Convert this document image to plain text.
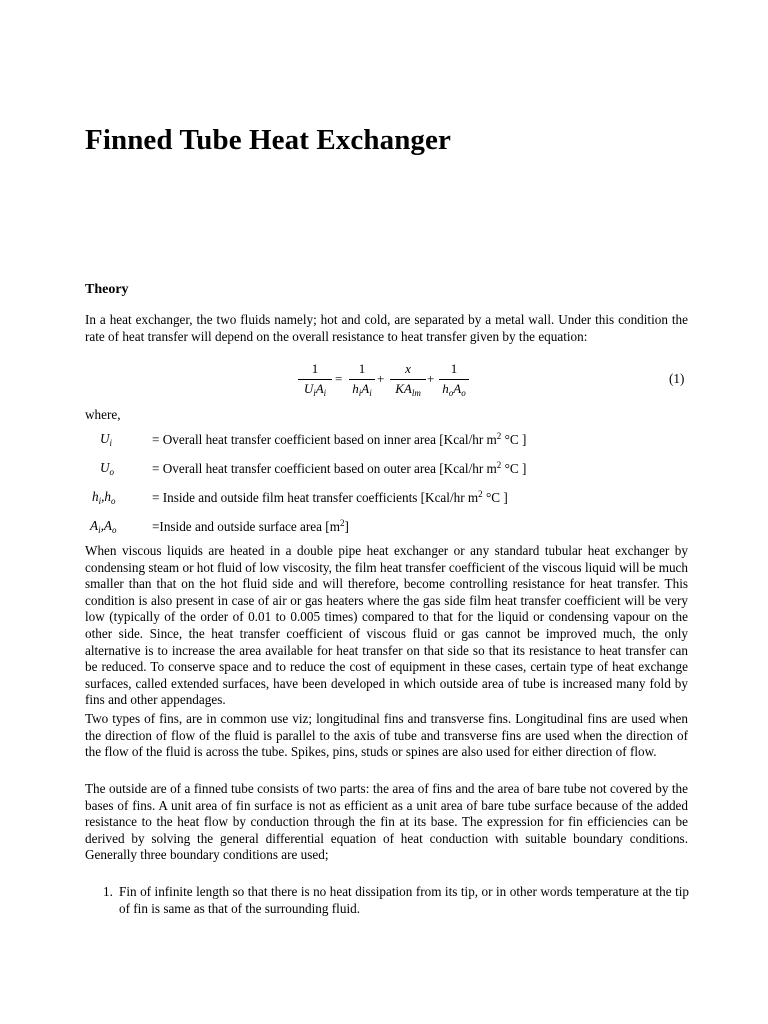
Finned Tube Heat Exchanger
Theory

In a heat exchanger, the two fluids namely; hot and cold, are separated by a metal wall. Under this condition the rate of heat transfer will depend on the overall resistance to heat transfer given by the equation:

1
$U_iA_i$
=
1
$h_iA_i$
+
x
$KA_{lm}$
+
1
$h_oA_o$
(1)
where,
$U_i$	= Overall heat transfer coefficient based on inner area [Kcal/hr $m^2$ °C ]
$U_o$	= Overall heat transfer coefficient based on outer area [Kcal/hr $m^2$ °C ]
$h_i,h_o$	= Inside and outside film heat transfer coefficients [Kcal/hr $m^2$ °C ]
$A_i,A_o$	=Inside and outside surface area $[m^2]$

When viscous liquids are heated in a double pipe heat exchanger or any standard tubular heat exchanger by condensing steam or hot fluid of low viscosity, the film heat transfer coefficient of the viscous liquid will be much smaller than that on the hot fluid side and will therefore, become controlling resistance for heat transfer. This condition is also present in case of air or gas heaters where the gas side film heat transfer coefficient will be very low (typically of the order of 0.01 to 0.005 times) compared to that for the liquid or condensing vapour on the other side. Since, the heat transfer coefficient of viscous fluid or gas cannot be improved much, the only alternative is to increase the area available for heat transfer on that side so that its resistance to heat transfer can be reduced. To conserve space and to reduce the cost of equipment in these cases, certain type of heat exchange surfaces, called extended surfaces, have been developed in which outside area of tube is increased many fold by fins and other appendages.

Two types of fins, are in common use viz; longitudinal fins and transverse fins. Longitudinal fins are used when the direction of flow of the fluid is parallel to the axis of tube and transverse fins are used when the direction of the flow of the fluid is across the tube. Spikes, pins, studs or spines are also used for either direction of flow.

The outside are of a finned tube consists of two parts: the area of fins and the area of bare tube not covered by the bases of fins. A unit area of fin surface is not as efficient as a unit area of bare tube surface because of the added resistance to the heat flow by conduction through the fin at its base. The expression for fin efficiencies can be derived by solving the general differential equation of heat conduction with suitable boundary conditions. Generally three boundary conditions are used;

1. Fin of infinite length so that there is no heat dissipation from its tip, or in other words temperature at the tip of fin is same as that of the surrounding fluid.
